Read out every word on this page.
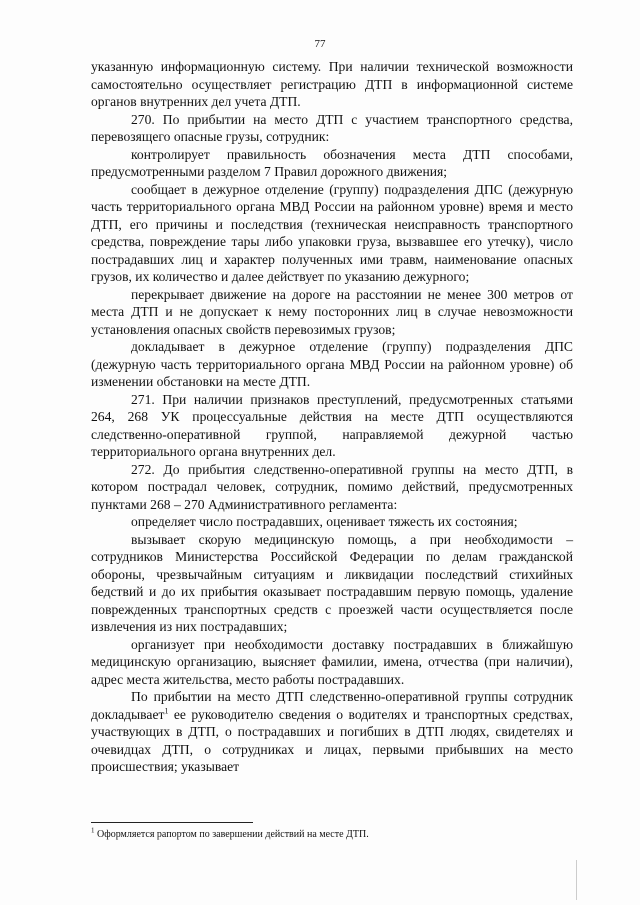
77

указанную информационную систему. При наличии технической возможности самостоятельно осуществляет регистрацию ДТП в информационной системе органов внутренних дел учета ДТП.

270. По прибытии на место ДТП с участием транспортного средства, перевозящего опасные грузы, сотрудник:

контролирует правильность обозначения места ДТП способами, предусмотренными разделом 7 Правил дорожного движения;

сообщает в дежурное отделение (группу) подразделения ДПС (дежурную часть территориального органа МВД России на районном уровне) время и место ДТП, его причины и последствия (техническая неисправность транспортного средства, повреждение тары либо упаковки груза, вызвавшее его утечку), число пострадавших лиц и характер полученных ими травм, наименование опасных грузов, их количество и далее действует по указанию дежурного;

перекрывает движение на дороге на расстоянии не менее 300 метров от места ДТП и не допускает к нему посторонних лиц в случае невозможности установления опасных свойств перевозимых грузов;

докладывает в дежурное отделение (группу) подразделения ДПС (дежурную часть территориального органа МВД России на районном уровне) об изменении обстановки на месте ДТП.

271. При наличии признаков преступлений, предусмотренных статьями 264, 268 УК процессуальные действия на месте ДТП осуществляются следственно-оперативной группой, направляемой дежурной частью территориального органа внутренних дел.

272. До прибытия следственно-оперативной группы на место ДТП, в котором пострадал человек, сотрудник, помимо действий, предусмотренных пунктами 268 – 270 Административного регламента:

определяет число пострадавших, оценивает тяжесть их состояния;

вызывает скорую медицинскую помощь, а при необходимости – сотрудников Министерства Российской Федерации по делам гражданской обороны, чрезвычайным ситуациям и ликвидации последствий стихийных бедствий и до их прибытия оказывает пострадавшим первую помощь, удаление поврежденных транспортных средств с проезжей части осуществляется после извлечения из них пострадавших;

организует при необходимости доставку пострадавших в ближайшую медицинскую организацию, выясняет фамилии, имена, отчества (при наличии), адрес места жительства, место работы пострадавших.

По прибытии на место ДТП следственно-оперативной группы сотрудник докладывает$^1$ ее руководителю сведения о водителях и транспортных средствах, участвующих в ДТП, о пострадавших и погибших в ДТП людях, свидетелях и очевидцах ДТП, о сотрудниках и лицах, первыми прибывших на место происшествия; указывает

$^1$ Оформляется рапортом по завершении действий на месте ДТП.
